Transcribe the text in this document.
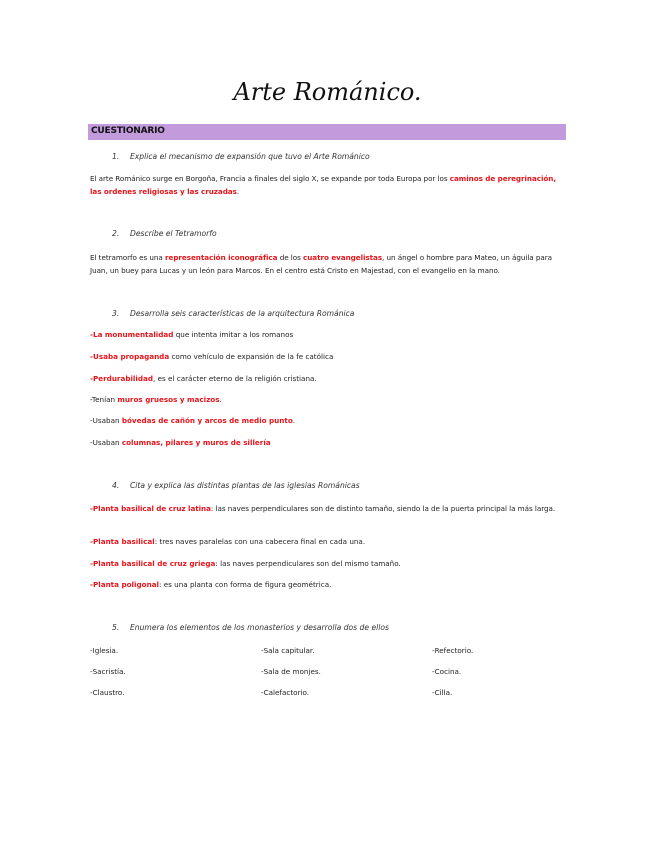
Arte Románico.
CUESTIONARIO
1. Explica el mecanismo de expansión que tuvo el Arte Románico
El arte Románico surge en Borgoña, Francia a finales del siglo X, se expande por toda Europa por los caminos de peregrinación, las ordenes religiosas y las cruzadas.
2. Describe el Tetramorfo
El tetramorfo es una representación iconográfica de los cuatro evangelistas, un ángel o hombre para Mateo, un águila para Juan, un buey para Lucas y un león para Marcos. En el centro está Cristo en Majestad, con el evangelio en la mano.
3. Desarrolla seis características de la arquitectura Románica
-La monumentalidad que intenta imitar a los romanos
-Usaba propaganda como vehículo de expansión de la fe católica
-Perdurabilidad, es el carácter eterno de la religión cristiana.
-Tenían muros gruesos y macizos.
-Usaban bóvedas de cañón y arcos de medio punto.
-Usaban columnas, pilares y muros de sillería
4. Cita y explica las distintas plantas de las iglesias Románicas
-Planta basilical de cruz latina: las naves perpendiculares son de distinto tamaño, siendo la de la puerta principal la más larga.
-Planta basilical: tres naves paralelas con una cabecera final en cada una.
-Planta basilical de cruz griega: las naves perpendiculares son del mismo tamaño.
-Planta poligonal: es una planta con forma de figura geométrica.
5. Enumera los elementos de los monasterios y desarrolla dos de ellos
-Iglesia.
-Sacristía.
-Claustro.
-Sala capitular.
-Sala de monjes.
-Calefactorio.
-Refectorio.
-Cocina.
-Cilla.
